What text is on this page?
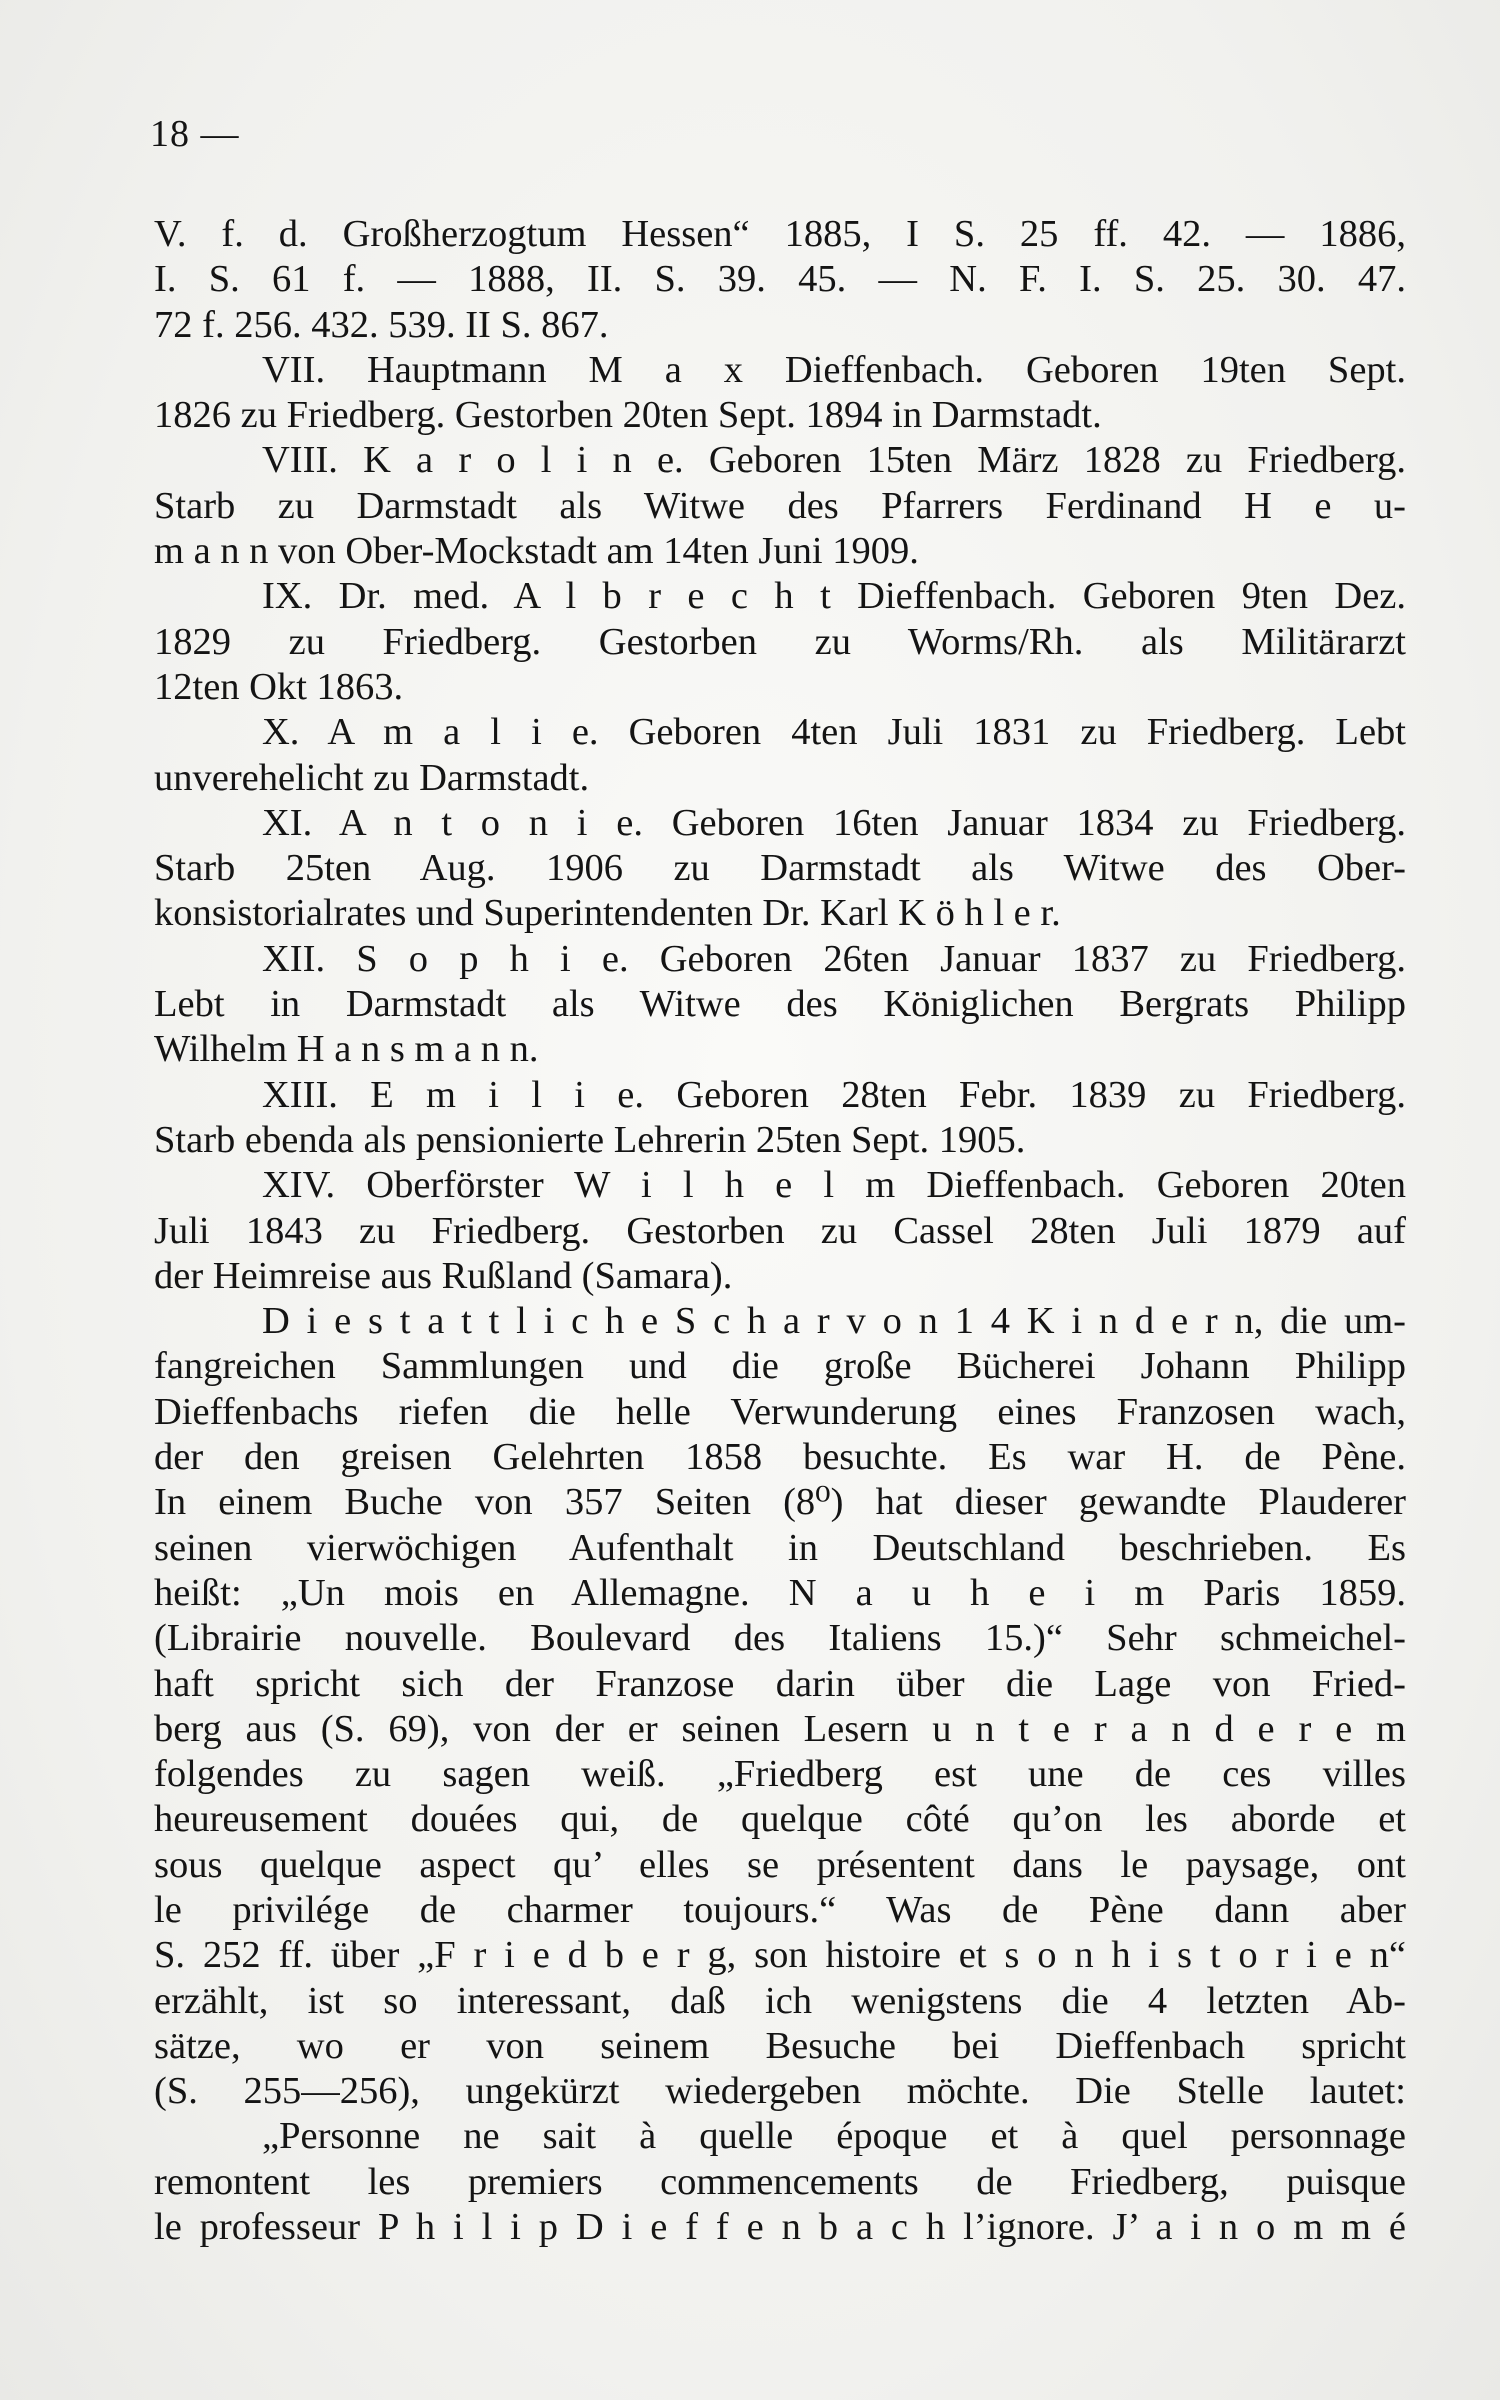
18 —
V. f. d. Großherzogtum Hessen“ 1885, I S. 25 ff. 42. — 1886,
I. S. 61 f. — 1888, II. S. 39. 45. — N. F. I. S. 25. 30. 47.
72 f. 256. 432. 539. II S. 867.
VII. Hauptmann M a x Dieffenbach. Geboren 19ten Sept.
1826 zu Friedberg. Gestorben 20ten Sept. 1894 in Darmstadt.
VIII. K a r o l i n e. Geboren 15ten März 1828 zu Friedberg.
Starb zu Darmstadt als Witwe des Pfarrers Ferdinand H e u-
m a n n von Ober-Mockstadt am 14ten Juni 1909.
IX. Dr. med. A l b r e c h t Dieffenbach. Geboren 9ten Dez.
1829 zu Friedberg. Gestorben zu Worms/Rh. als Militärarzt
12ten Okt 1863.
X. A m a l i e. Geboren 4ten Juli 1831 zu Friedberg. Lebt
unverehelicht zu Darmstadt.
XI. A n t o n i e. Geboren 16ten Januar 1834 zu Friedberg.
Starb 25ten Aug. 1906 zu Darmstadt als Witwe des Ober-
konsistorialrates und Superintendenten Dr. Karl K ö h l e r.
XII. S o p h i e. Geboren 26ten Januar 1837 zu Friedberg.
Lebt in Darmstadt als Witwe des Königlichen Bergrats Philipp
Wilhelm H a n s m a n n.
XIII. E m i l i e. Geboren 28ten Febr. 1839 zu Friedberg.
Starb ebenda als pensionierte Lehrerin 25ten Sept. 1905.
XIV. Oberförster W i l h e l m Dieffenbach. Geboren 20ten
Juli 1843 zu Friedberg. Gestorben zu Cassel 28ten Juli 1879 auf
der Heimreise aus Rußland (Samara).
D i e s t a t t l i c h e S c h a r v o n 1 4 K i n d e r n, die um-
fangreichen Sammlungen und die große Bücherei Johann Philipp
Dieffenbachs riefen die helle Verwunderung eines Franzosen wach,
der den greisen Gelehrten 1858 besuchte. Es war H. de Pène.
In einem Buche von 357 Seiten (8⁰) hat dieser gewandte Plauderer
seinen vierwöchigen Aufenthalt in Deutschland beschrieben. Es
heißt: „Un mois en Allemagne. N a u h e i m Paris 1859.
(Librairie nouvelle. Boulevard des Italiens 15.)“ Sehr schmeichel-
haft spricht sich der Franzose darin über die Lage von Fried-
berg aus (S. 69), von der er seinen Lesern u n t e r a n d e r e m
folgendes zu sagen weiß. „Friedberg est une de ces villes
heureusement douées qui, de quelque côté qu’on les aborde et
sous quelque aspect qu’ elles se présentent dans le paysage, ont
le privilége de charmer toujours.“ Was de Pène dann aber
S. 252 ff. über „F r i e d b e r g, son histoire et s o n h i s t o r i e n“
erzählt, ist so interessant, daß ich wenigstens die 4 letzten Ab-
sätze, wo er von seinem Besuche bei Dieffenbach spricht
(S. 255—256), ungekürzt wiedergeben möchte. Die Stelle lautet:
„Personne ne sait à quelle époque et à quel personnage
remontent les premiers commencements de Friedberg, puisque
le professeur P h i l i p D i e f f e n b a c h l’ignore. J’ a i n o m m é
